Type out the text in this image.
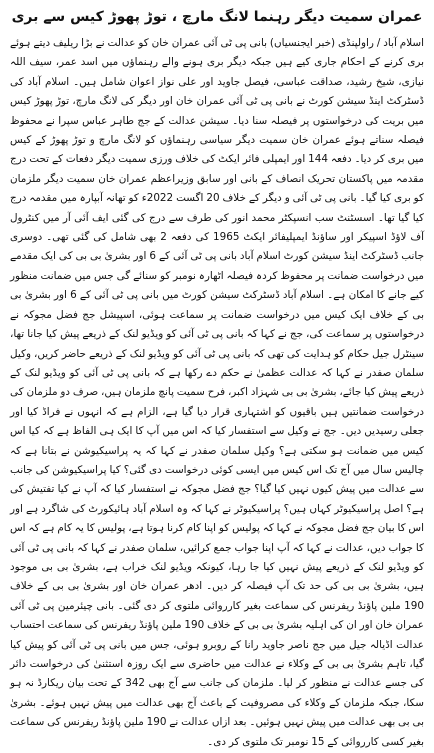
عمران سمیت دیگر رہنما لانگ مارچ ، توڑ پھوڑ کیس سے بری

اسلام آباد / راولپنڈی (خبر ایجنسیاں) بانی پی ٹی آئی عمران خان کو عدالت نے بڑا ریلیف دیتے ہوئے بری کرنے کے احکام جاری کیے ہیں جبکہ دیگر بری ہونے والے رہنماؤں میں اسد عمر، سیف اللہ نیازی، شیخ رشید، صداقت عباسی، فیصل جاوید اور علی نواز اعوان شامل ہیں۔ اسلام آباد کی ڈسٹرکٹ اینڈ سیشن کورٹ نے بانی پی ٹی آئی عمران خان اور دیگر کی لانگ مارچ، توڑ پھوڑ کیس میں بریت کی درخواستوں پر فیصلہ سنا دیا۔ سیشن عدالت کے جج طاہر عباس سپرا نے محفوظ فیصلہ سناتے ہوئے عمران خان سمیت دیگر سیاسی رہنماؤں کو لانگ مارچ و توڑ پھوڑ کے کیس میں بری کر دیا۔ دفعہ 144 اور ایمپلی فائر ایکٹ کی خلاف ورزی سمیت دیگر دفعات کے تحت درج مقدمہ میں پاکستان تحریک انصاف کے بانی اور سابق وزیراعظم عمران خان سمیت دیگر ملزمان کو بری کیا گیا۔ بانی پی ٹی آئی و دیگر کے خلاف 20 اگست 2022ء کو تھانہ آبپارہ میں مقدمہ درج کیا گیا تھا۔ اسسٹنٹ سب انسپکٹر محمد انور کی طرف سے درج کی گئی ایف آئی آر میں کنٹرول آف لاؤڈ اسپیکر اور ساؤنڈ ایمپلیفائر ایکٹ 1965 کی دفعہ 2 بھی شامل کی گئی تھی۔ دوسری جانب ڈسٹرکٹ اینڈ سیشن کورٹ اسلام آباد بانی پی ٹی آئی کے 6 اور بشریٰ بی بی کی ایک مقدمے میں درخواست ضمانت پر محفوظ کردہ فیصلہ اٹھارہ نومبر کو سنائے گی جس میں ضمانت منظور کیے جانے کا امکان ہے۔ اسلام آباد ڈسٹرکٹ سیشن کورٹ میں بانی پی ٹی آئی کے 6 اور بشریٰ بی بی کے خلاف ایک کیس میں درخواست ضمانت پر سماعت ہوئی، اسپیشل جج فضل مجوکہ نے درخواستوں پر سماعت کی، جج نے کہا کہ بانی پی ٹی آئی کو ویڈیو لنک کے ذریعے پیش کیا جانا تھا، سینٹرل جیل حکام کو ہدایت کی تھی کہ بانی پی ٹی آئی کو ویڈیو لنک کے ذریعے حاضر کریں، وکیل سلمان صفدر نے کہا کہ عدالت عظمیٰ نے حکم دے رکھا ہے کہ بانی پی ٹی آئی کو ویڈیو لنک کے ذریعے پیش کیا جائے، بشریٰ بی بی شہزاد اکبر، فرح سمیت پانچ ملزمان ہیں، صرف دو ملزمان کی درخواست ضمانتیں ہیں باقیوں کو اشتہاری قرار دیا گیا ہے، الزام ہے کہ انہوں نے فراڈ کیا اور جعلی رسیدیں دیں۔ جج نے وکیل سے استفسار کیا کہ اس میں آپ کا ایک ہی الفاظ ہے کہ کیا اس کیس میں ضمانت ہو سکتی ہے؟ وکیل سلمان صفدر نے کہا کہ یہ پراسیکیوشن نے بتانا ہے کہ چالیس سال میں آج تک اس کیس میں ایسی کوئی درخواست دی گئی؟ کیا پراسیکیوشن کی جانب سے عدالت میں پیش کیوں نہیں کیا گیا؟ جج فضل مجوکہ نے استفسار کیا کہ آپ نے کیا تفتیش کی ہے؟ اصل پراسیکیوٹر کہاں ہیں؟ پراسیکیوٹر نے کہا کہ وہ اسلام آباد ہائیکورٹ کی شاگرد ہے اور اس کا بیان جج فضل مجوکہ نے کہا کہ پولیس کو اپنا کام کرنا ہوتا ہے، پولیس کا یہ کام ہے کہ اس کا جواب دیں، عدالت نے کہا کہ آپ اپنا جواب جمع کرائیں، سلمان صفدر نے کہا کہ بانی پی ٹی آئی کو ویڈیو لنک کے ذریعے پیش نہیں کیا جا رہا، کیونکہ ویڈیو لنک خراب ہے، بشریٰ بی بی موجود ہیں، بشریٰ بی بی کی حد تک آپ فیصلہ کر دیں۔ ادھر عمران خان اور بشریٰ بی بی کے خلاف 190 ملین پاؤنڈ ریفرنس کی سماعت بغیر کارروائی ملتوی کر دی گئی۔ بانی چیئرمین پی ٹی آئی عمران خان اور ان کی اہلیہ بشریٰ بی بی کے خلاف 190 ملین پاؤنڈ ریفرنس کی سماعت احتساب عدالت اڈیالہ جیل میں جج ناصر جاوید رانا کے روبرو ہوئی، جس میں بانی پی ٹی آئی کو پیش کیا گیا، تاہم بشریٰ بی بی کے وکلاء نے عدالت میں حاضری سے ایک روزہ استثنیٰ کی درخواست دائر کی جسے عدالت نے منظور کر لیا۔ ملزمان کی جانب سے آج بھی 342 کے تحت بیان ریکارڈ نہ ہو سکا، جبکہ ملزمان کے وکلاء کی مصروفیت کے باعث آج بھی عدالت میں پیش نہیں ہوئے۔ بشریٰ بی بی بھی عدالت میں پیش نہیں ہوئیں۔ بعد ازاں عدالت نے 190 ملین پاؤنڈ ریفرنس کی سماعت بغیر کسی کارروائی کے 15 نومبر تک ملتوی کر دی۔
